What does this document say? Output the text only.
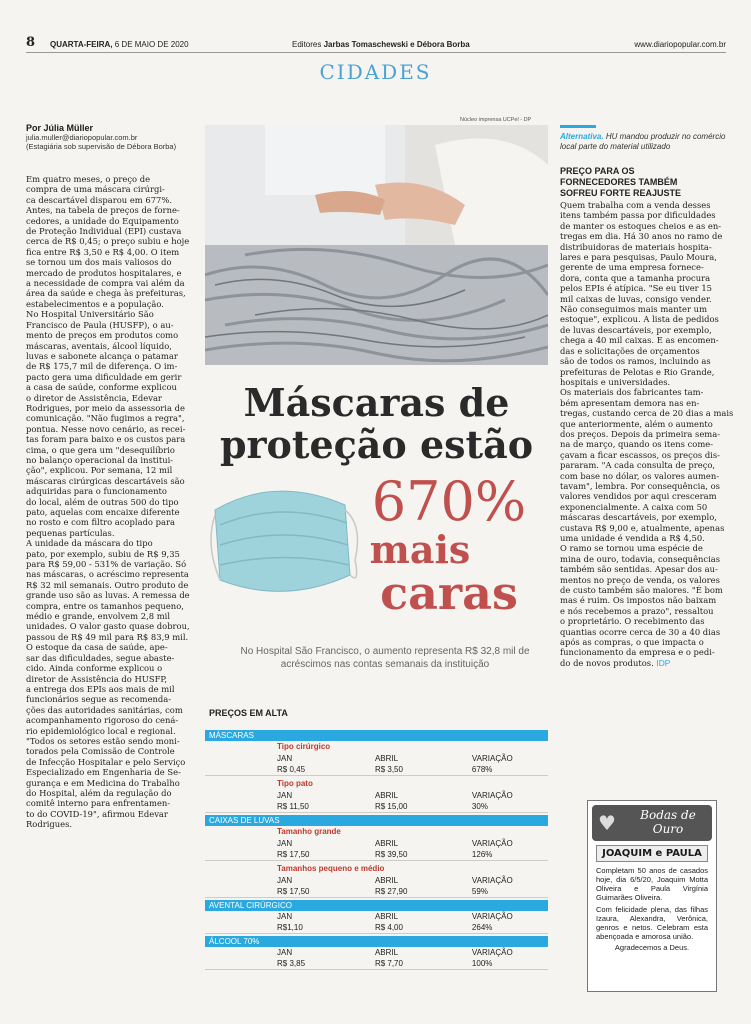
8 QUARTA-FEIRA, 6 DE MAIO DE 2020	Editores Jarbas Tomaschewski e Débora Borba	www.diariopopular.com.br
CIDADES
Por Júlia Müller
julia.muller@diariopopular.com.br
(Estagiária sob supervisão de Débora Borba)
Em quatro meses, o preço de
compra de uma máscara cirúrgi-
ca descartável disparou em 677%.
Antes, na tabela de preços de forne-
cedores, a unidade do Equipamento
de Proteção Individual (EPI) custava
cerca de R$ 0,45; o preço subiu e hoje
fica entre R$ 3,50 e R$ 4,00. O item
se tornou um dos mais valiosos do
mercado de produtos hospitalares, e
a necessidade de compra vai além da
área da saúde e chega às prefeituras,
estabelecimentos e a população.
No Hospital Universitário São
Francisco de Paula (HUSFP), o au-
mento de preços em produtos como
máscaras, aventais, álcool líquido,
luvas e sabonete alcança o patamar
de R$ 175,7 mil de diferença. O im-
pacto gera uma dificuldade em gerir
a casa de saúde, conforme explicou
o diretor de Assistência, Edevar
Rodrigues, por meio da assessoria de
comunicação. "Não fugimos a regra",
pontua. Nesse novo cenário, as recei-
tas foram para baixo e os custos para
cima, o que gera um "desequilíbrio
no balanço operacional da institui-
ção", explicou. Por semana, 12 mil
máscaras cirúrgicas descartáveis são
adquiridas para o funcionamento
do local, além de outras 500 do tipo
pato, aquelas com encaixe diferente
no rosto e com filtro acoplado para
pequenas partículas.
A unidade da máscara do tipo
pato, por exemplo, subiu de R$ 9,35
para R$ 59,00 - 531% de variação. Só
nas máscaras, o acréscimo representa
R$ 32 mil semanais. Outro produto de
grande uso são as luvas. A remessa de
compra, entre os tamanhos pequeno,
médio e grande, envolvem 2,8 mil
unidades. O valor gasto quase dobrou,
passou de R$ 49 mil para R$ 83,9 mil.
O estoque da casa de saúde, ape-
sar das dificuldades, segue abaste-
cido. Ainda conforme explicou o
diretor de Assistência do HUSFP,
a entrega dos EPIs aos mais de mil
funcionários segue as recomenda-
ções das autoridades sanitárias, com
acompanhamento rigoroso do cená-
rio epidemiológico local e regional.
"Todos os setores estão sendo moni-
torados pela Comissão de Controle
de Infecção Hospitalar e pelo Serviço
Especializado em Engenharia de Se-
gurança e em Medicina do Trabalho
do Hospital, além da regulação do
comitê interno para enfrentamen-
to do COVID-19", afirmou Edevar
Rodrigues.
Núcleo imprensa UCPel - DP
Máscaras de
proteção estão
670%
mais
caras
No Hospital São Francisco, o aumento representa R$ 32,8 mil de acréscimos nas contas semanais da instituição
PREÇOS EM ALTA
MÁSCARAS
Tipo cirúrgico
JAN	ABRIL	VARIAÇÃO
R$ 0,45	R$ 3,50	678%
Tipo pato
JAN	ABRIL	VARIAÇÃO
R$ 11,50	R$ 15,00	30%
CAIXAS DE LUVAS
Tamanho grande
JAN	ABRIL	VARIAÇÃO
R$ 17,50	R$ 39,50	126%
Tamanhos pequeno e médio
JAN	ABRIL	VARIAÇÃO
R$ 17,50	R$ 27,90	59%
AVENTAL CIRÚRGICO
JAN	ABRIL	VARIAÇÃO
R$1,10	R$ 4,00	264%
ÁLCOOL 70%
JAN	ABRIL	VARIAÇÃO
R$ 3,85	R$ 7,70	100%
Alternativa. HU mandou produzir no comércio local parte do material utilizado
PREÇO PARA OS
FORNECEDORES TAMBÉM
SOFREU FORTE REAJUSTE
Quem trabalha com a venda desses
itens também passa por dificuldades
de manter os estoques cheios e as en-
tregas em dia. Há 30 anos no ramo de
distribuidoras de materiais hospita-
lares e para pesquisas, Paulo Moura,
gerente de uma empresa fornece-
dora, conta que a tamanha procura
pelos EPIs é atípica. "Se eu tiver 15
mil caixas de luvas, consigo vender.
Não conseguimos mais manter um
estoque", explicou. A lista de pedidos
de luvas descartáveis, por exemplo,
chega a 40 mil caixas. E as encomen-
das e solicitações de orçamentos
são de todos os ramos, incluindo as
prefeituras de Pelotas e Rio Grande,
hospitais e universidades.
Os materiais dos fabricantes tam-
bém apresentam demora nas en-
tregas, custando cerca de 20 dias a mais
que anteriormente, além o aumento
dos preços. Depois da primeira sema-
na de março, quando os itens come-
çavam a ficar escassos, os preços dis-
pararam. "A cada consulta de preço,
com base no dólar, os valores aumen-
tavam", lembra. Por consequência, os
valores vendidos por aqui cresceram
exponencialmente. A caixa com 50
máscaras descartáveis, por exemplo,
custava R$ 9,00 e, atualmente, apenas
uma unidade é vendida a R$ 4,50.
O ramo se tornou uma espécie de
mina de ouro, todavia, consequências
também são sentidas. Apesar dos au-
mentos no preço de venda, os valores
de custo também são maiores. "É bom
mas é ruim. Os impostos não baixam
e nós recebemos a prazo", ressaltou
o proprietário. O recebimento das
quantias ocorre cerca de 30 a 40 dias
após as compras, o que impacta o
funcionamento da empresa e o pedi-
do de novos produtos. IDP
♥	Bodas de
Ouro
JOAQUIM e PAULA
Completam 50 anos de casados hoje, dia 6/5/20, Joaquim Motta Oliveira e Paula Virgínia Guimarães Oliveira.
Com felicidade plena, das filhas Izaura, Alexandra, Verônica, genros e netos. Celebram esta abençoada e amorosa união.
Agradecemos a Deus.
